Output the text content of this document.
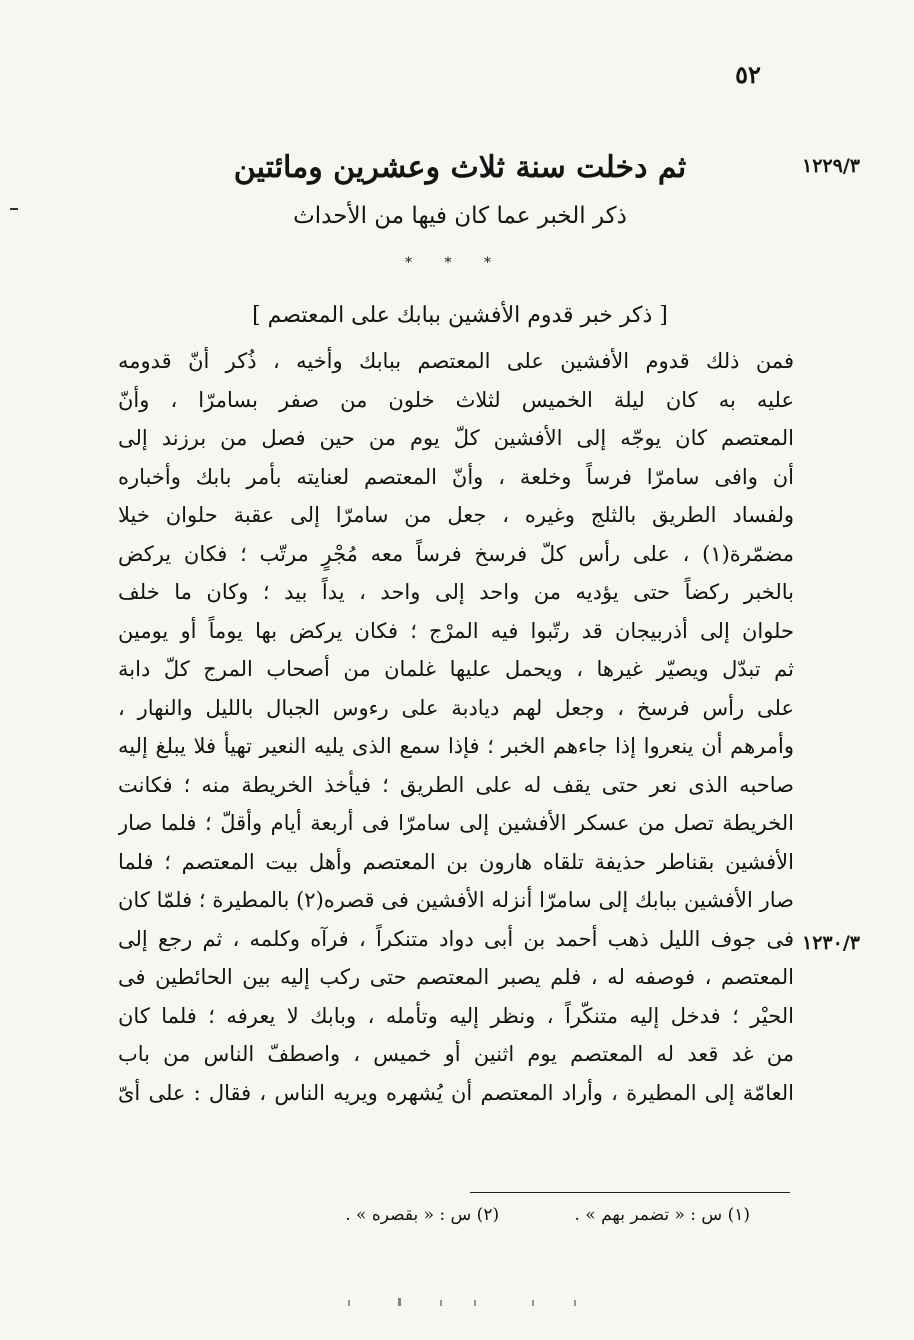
٥٢
١٢٢٩/٣
١٢٣٠/٣
ثم دخلت سنة ثلاث وعشرين ومائتين
ذكر الخبر عما كان فيها من الأحداث
* * *
[ ذكر خبر قدوم الأفشين ببابك على المعتصم ]
فمن ذلك قدوم الأفشين على المعتصم ببابك وأخيه ، ذُكر أنّ قدومه
عليه به كان ليلة الخميس لثلاث خلون من صفر بسامرّا ، وأنّ
المعتصم كان يوجّه إلى الأفشين كلّ يوم من حين فصل من برزند إلى
أن وافى سامرّا فرساً وخلعة ، وأنّ المعتصم لعنايته بأمر بابك وأخباره
ولفساد الطريق بالثلج وغيره ، جعل من سامرّا إلى عقبة حلوان خيلا
مضمّرة(١) ، على رأس كلّ فرسخ فرساً معه مُجْرٍ مرتّب ؛ فكان يركض
بالخبر ركضاً حتى يؤديه من واحد إلى واحد ، يداً بيد ؛ وكان ما خلف
حلوان إلى أذربيجان قد رتّبوا فيه المرْج ؛ فكان يركض بها يوماً أو يومين
ثم تبدّل ويصيّر غيرها ، ويحمل عليها غلمان من أصحاب المرج كلّ دابة
على رأس فرسخ ، وجعل لهم ديادبة على رءوس الجبال بالليل والنهار ،
وأمرهم أن ينعروا إذا جاءهم الخبر ؛ فإذا سمع الذى يليه النعير تهيأ فلا يبلغ إليه
صاحبه الذى نعر حتى يقف له على الطريق ؛ فيأخذ الخريطة منه ؛ فكانت
الخريطة تصل من عسكر الأفشين إلى سامرّا فى أربعة أيام وأقلّ ؛ فلما صار
الأفشين بقناطر حذيفة تلقاه هارون بن المعتصم وأهل بيت المعتصم ؛ فلما
صار الأفشين ببابك إلى سامرّا أنزله الأفشين فى قصره(٢) بالمطيرة ؛ فلمّا كان
فى جوف الليل ذهب أحمد بن أبى دواد متنكراً ، فرآه وكلمه ، ثم رجع إلى
المعتصم ، فوصفه له ، فلم يصبر المعتصم حتى ركب إليه بين الحائطين فى
الحيْر ؛ فدخل إليه متنكّراً ، ونظر إليه وتأمله ، وبابك لا يعرفه ؛ فلما كان
من غد قعد له المعتصم يوم اثنين أو خميس ، واصطفّ الناس من باب
العامّة إلى المطيرة ، وأراد المعتصم أن يُشهره ويريه الناس ، فقال : على أىّ
(١) س : « تضمر بهم » . (٢) س : « بقصره » .
